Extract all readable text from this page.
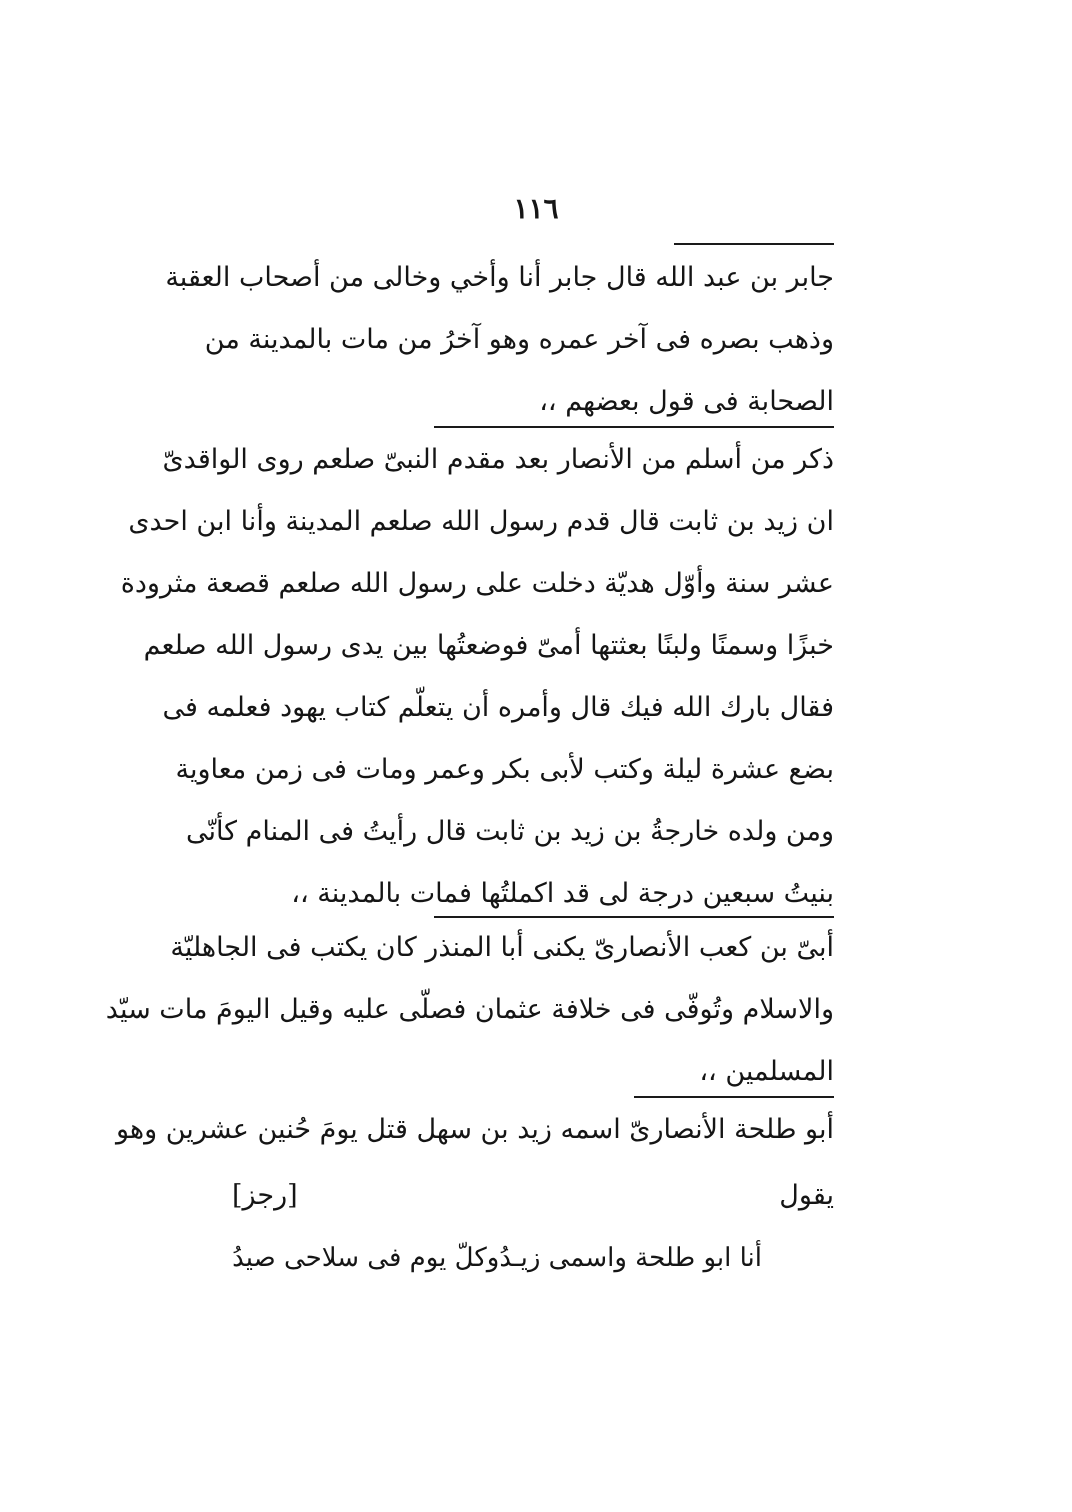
١١٦
جابر بن عبد الله قال جابر أنا وأخي وخالى من أصحاب العقبة
وذهب بصره فى آخر عمره وهو آخرُ من مات بالمدينة من
الصحابة فى قول بعضهم ،،
ذكر من أسلم من الأنصار بعد مقدم النبىّ صلعم روى الواقدىّ
ان زيد بن ثابت قال قدم رسول الله صلعم المدينة وأنا ابن احدى
عشر سنة وأوّل هديّة دخلت على رسول الله صلعم قصعة مثرودة
خبزًا وسمنًا ولبنًا بعثتها أمىّ فوضعتُها بين يدى رسول الله صلعم
فقال بارك الله فيك قال وأمره أن يتعلّم كتاب يهود فعلمه فى
بضع عشرة ليلة وكتب لأبى بكر وعمر ومات فى زمن معاوية
ومن ولده خارجةُ بن زيد بن ثابت قال رأيتُ فى المنام كأنّى
بنيتُ سبعين درجة لى قد اكملتُها فمات بالمدينة ،،
أبىّ بن كعب الأنصارىّ يكنى أبا المنذر كان يكتب فى الجاهليّة
والاسلام وتُوفّى فى خلافة عثمان فصلّى عليه وقيل اليومَ مات سيّد
المسلمين ،،
أبو طلحة الأنصارىّ اسمه زيد بن سهل قتل يومَ حُنين عشرين وهو
يقول
[رجز]
أنا ابو طلحة واسمى زيـدُ
وكلّ يوم فى سلاحى صيدُ
